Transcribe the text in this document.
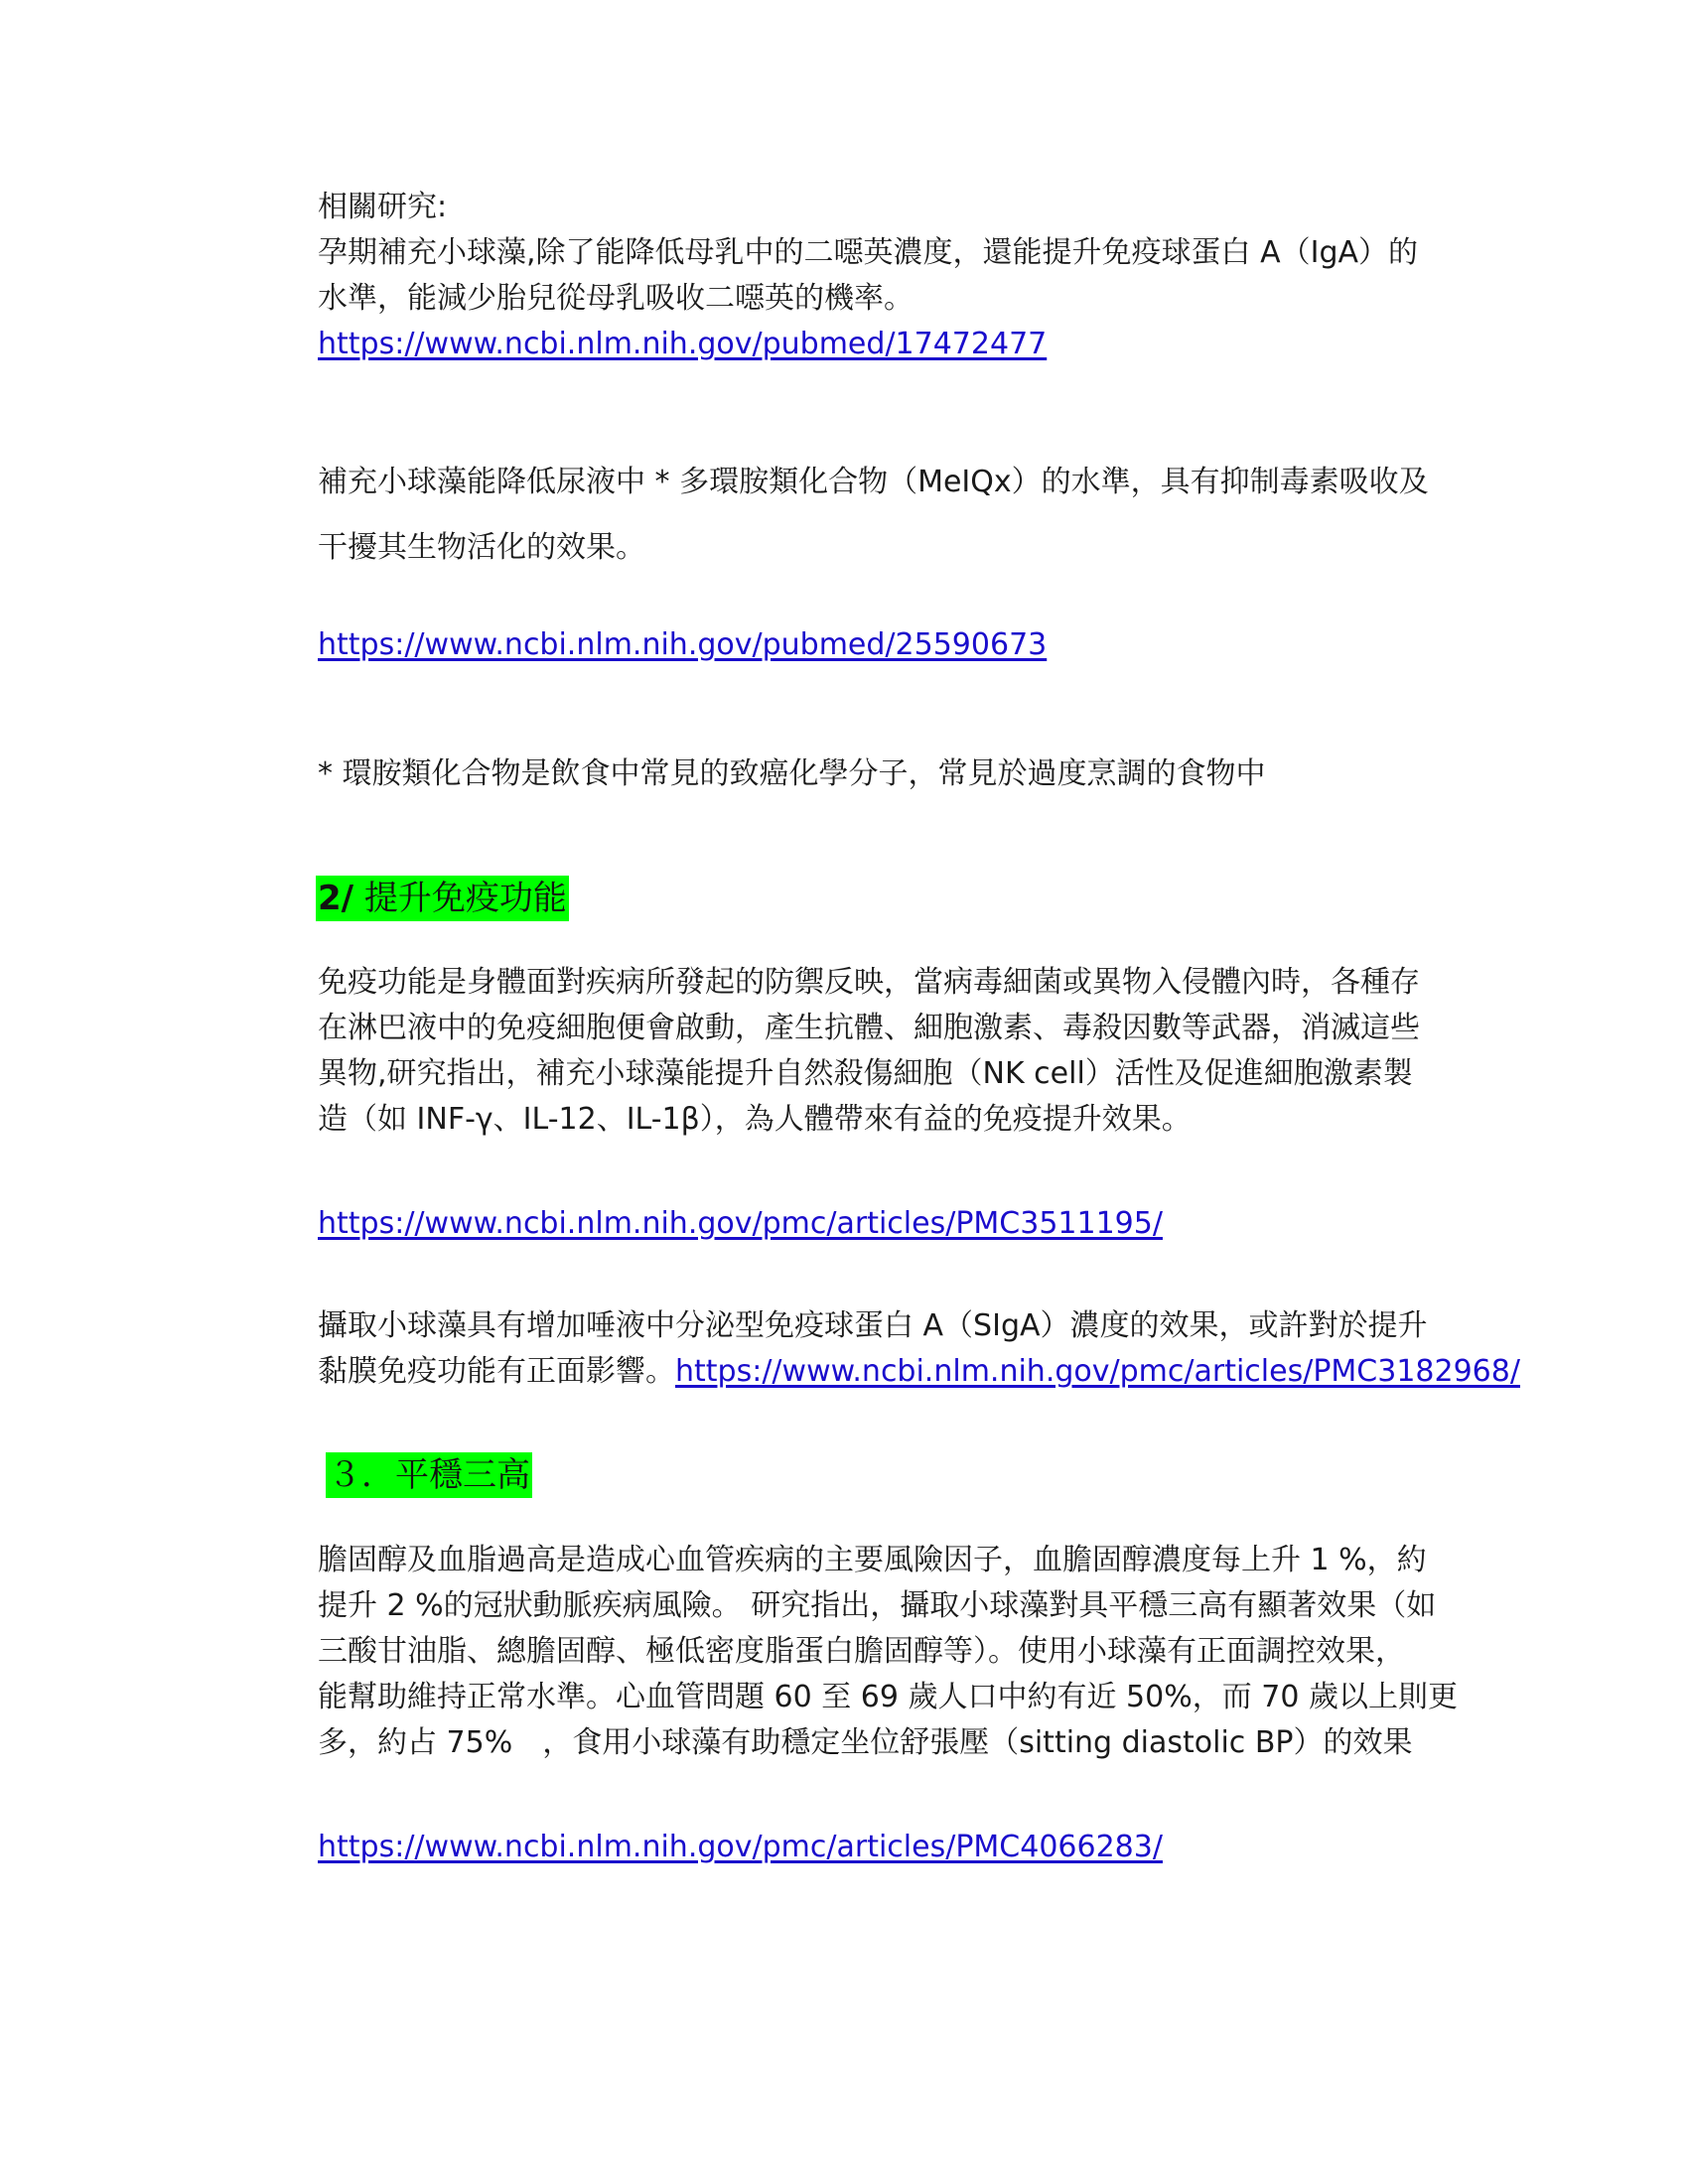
相關研究:
孕期補充小球藻,除了能降低母乳中的二噁英濃度，還能提升免疫球蛋白 A（IgA）的
水準，能減少胎兒從母乳吸收二噁英的機率。
https://www.ncbi.nlm.nih.gov/pubmed/17472477
補充小球藻能降低尿液中 * 多環胺類化合物（MeIQx）的水準，具有抑制毒素吸收及
干擾其生物活化的效果。
https://www.ncbi.nlm.nih.gov/pubmed/25590673
* 環胺類化合物是飲食中常見的致癌化學分子，常見於過度烹調的食物中
2/ 提升免疫功能
免疫功能是身體面對疾病所發起的防禦反映，當病毒細菌或異物入侵體內時，各種存
在淋巴液中的免疫細胞便會啟動，產生抗體、細胞激素、毒殺因數等武器，消滅這些
異物,研究指出，補充小球藻能提升自然殺傷細胞（NK cell）活性及促進細胞激素製
造（如 INF-γ、IL-12、IL-1β），為人體帶來有益的免疫提升效果。
https://www.ncbi.nlm.nih.gov/pmc/articles/PMC3511195/
攝取小球藻具有增加唾液中分泌型免疫球蛋白 A（SIgA）濃度的效果，或許對於提升
黏膜免疫功能有正面影響。https://www.ncbi.nlm.nih.gov/pmc/articles/PMC3182968/
３．平穩三高
膽固醇及血脂過高是造成心血管疾病的主要風險因子，血膽固醇濃度每上升 1 %，約
提升 2 %的冠狀動脈疾病風險。 研究指出，攝取小球藻對具平穩三高有顯著效果（如
三酸甘油脂、總膽固醇、極低密度脂蛋白膽固醇等）。使用小球藻有正面調控效果，
能幫助維持正常水準。心血管問題 60 至 69 歲人口中約有近 50%，而 70 歲以上則更
多，約占 75%　，食用小球藻有助穩定坐位舒張壓（sitting diastolic BP）的效果
https://www.ncbi.nlm.nih.gov/pmc/articles/PMC4066283/
